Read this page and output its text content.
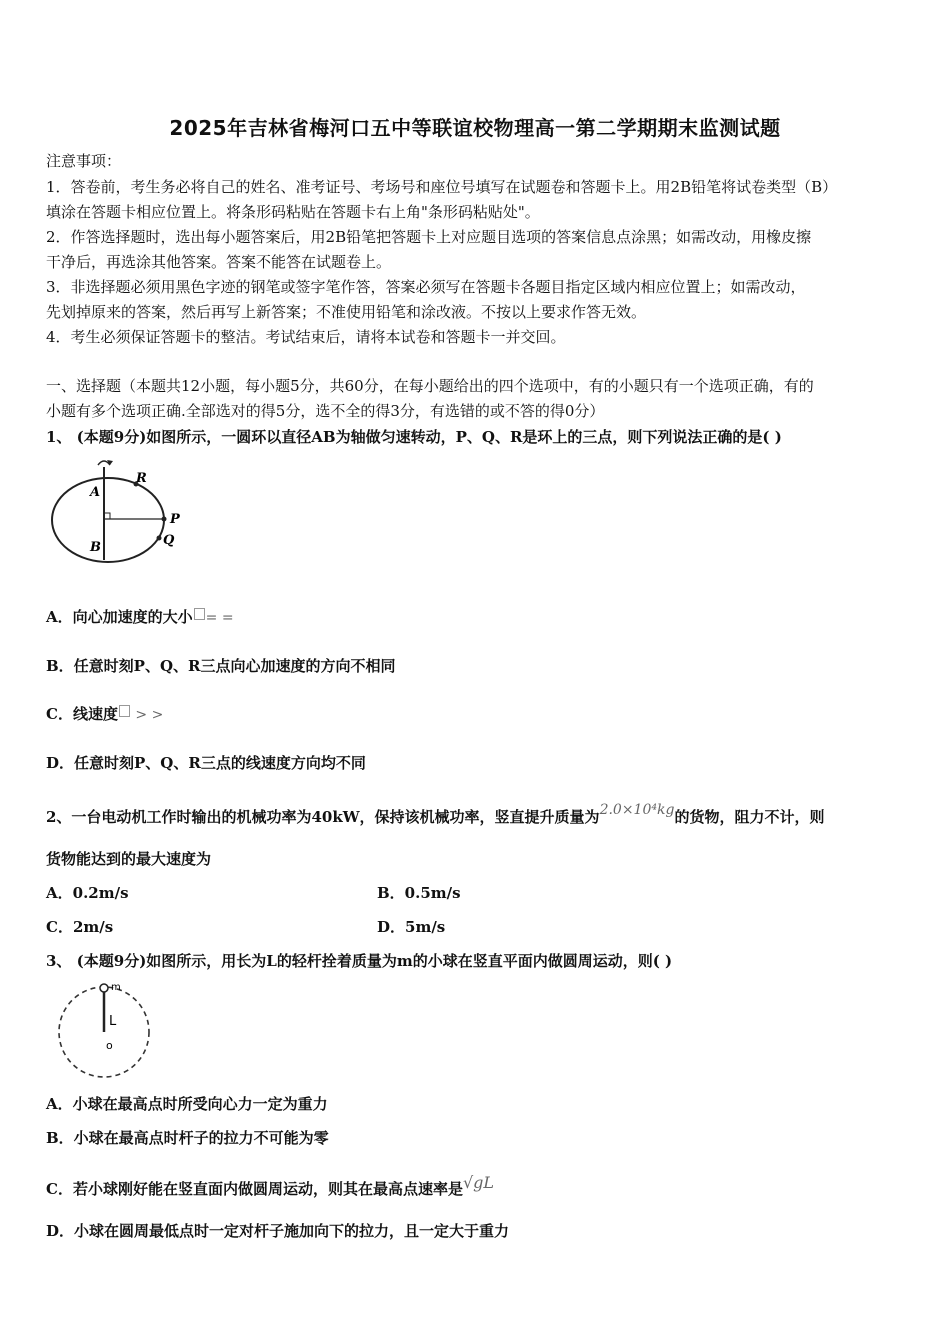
2025年吉林省梅河口五中等联谊校物理高一第二学期期末监测试题
注意事项：
1．答卷前，考生务必将自己的姓名、准考证号、考场号和座位号填写在试题卷和答题卡上。用2B铅笔将试卷类型（B）
填涂在答题卡相应位置上。将条形码粘贴在答题卡右上角"条形码粘贴处"。
2．作答选择题时，选出每小题答案后，用2B铅笔把答题卡上对应题目选项的答案信息点涂黑；如需改动，用橡皮擦
干净后，再选涂其他答案。答案不能答在试题卷上。
3．非选择题必须用黑色字迹的钢笔或签字笔作答，答案必须写在答题卡各题目指定区域内相应位置上；如需改动，
先划掉原来的答案，然后再写上新答案；不准使用铅笔和涂改液。不按以上要求作答无效。
4．考生必须保证答题卡的整洁。考试结束后，请将本试卷和答题卡一并交回。
一、选择题（本题共12小题，每小题5分，共60分，在每小题给出的四个选项中，有的小题只有一个选项正确，有的
小题有多个选项正确.全部选对的得5分，选不全的得3分，有选错的或不答的得0分）
1、 (本题9分)如图所示，一圆环以直径AB为轴做匀速转动，P、Q、R是环上的三点，则下列说法正确的是( )
A
B
R
P
Q
A．向心加速度的大小 = =
B．任意时刻P、Q、R三点向心加速度的方向不相同
C．线速度 > >
D．任意时刻P、Q、R三点的线速度方向均不同
2、一台电动机工作时输出的机械功率为40kW，保持该机械功率，竖直提升质量为2.0×10⁴kg的货物，阻力不计，则
货物能达到的最大速度为
A．0.2m/s	B．0.5m/s
C．2m/s	D．5m/s
3、 (本题9分)如图所示，用长为L的轻杆拴着质量为m的小球在竖直平面内做圆周运动，则( )
m
L
o
A．小球在最高点时所受向心力一定为重力
B．小球在最高点时杆子的拉力不可能为零
C．若小球刚好能在竖直面内做圆周运动，则其在最高点速率是√gL
D．小球在圆周最低点时一定对杆子施加向下的拉力，且一定大于重力
